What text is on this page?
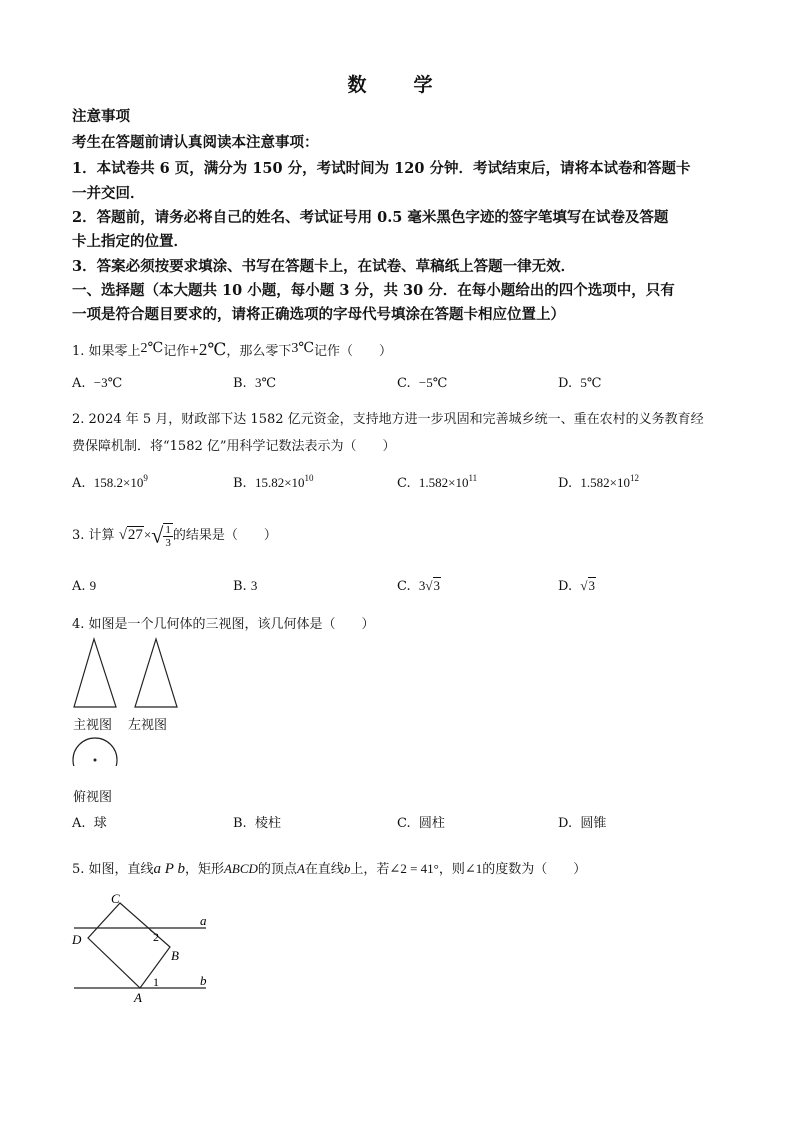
数　学
注意事项
考生在答题前请认真阅读本注意事项：
1．本试卷共 6 页，满分为 150 分，考试时间为 120 分钟．考试结束后，请将本试卷和答题卡
一并交回．
2．答题前，请务必将自己的姓名、考试证号用 0.5 毫米黑色字迹的签字笔填写在试卷及答题
卡上指定的位置．
3．答案必须按要求填涂、书写在答题卡上，在试卷、草稿纸上答题一律无效．
一、选择题（本大题共 10 小题，每小题 3 分，共 30 分．在每小题给出的四个选项中，只有
一项是符合题目要求的，请将正确选项的字母代号填涂在答题卡相应位置上）
1. 如果零上2℃记作+2℃，那么零下3℃记作（　　）
A. −3℃	B. 3℃	C. −5℃	D. 5℃
2. 2024 年 5 月，财政部下达 1582 亿元资金，支持地方进一步巩固和完善城乡统一、重在农村的义务教育经
费保障机制．将“1582 亿”用科学记数法表示为（　　）
A. $158.2\times 10^9$	B. $15.82\times 10^{10}$	C. $1.582\times 10^{11}$	D. $1.582\times 10^{12}$
3. 计算 $√27\times√ \frac{1}{3}$ 的结果是（　　）
A. 9	B. 3	C. 3√3	D. √3
4. 如图是一个几何体的三视图，该几何体是（　　）
主视图 左视图
俯视图
A. 球	B. 棱柱	C. 圆柱	D. 圆锥
5. 如图，直线a P b，矩形ABCD的顶点A在直线b上，若∠2 = 41°，则∠1的度数为（　　）
C
D
B
A
a
b
2
1
